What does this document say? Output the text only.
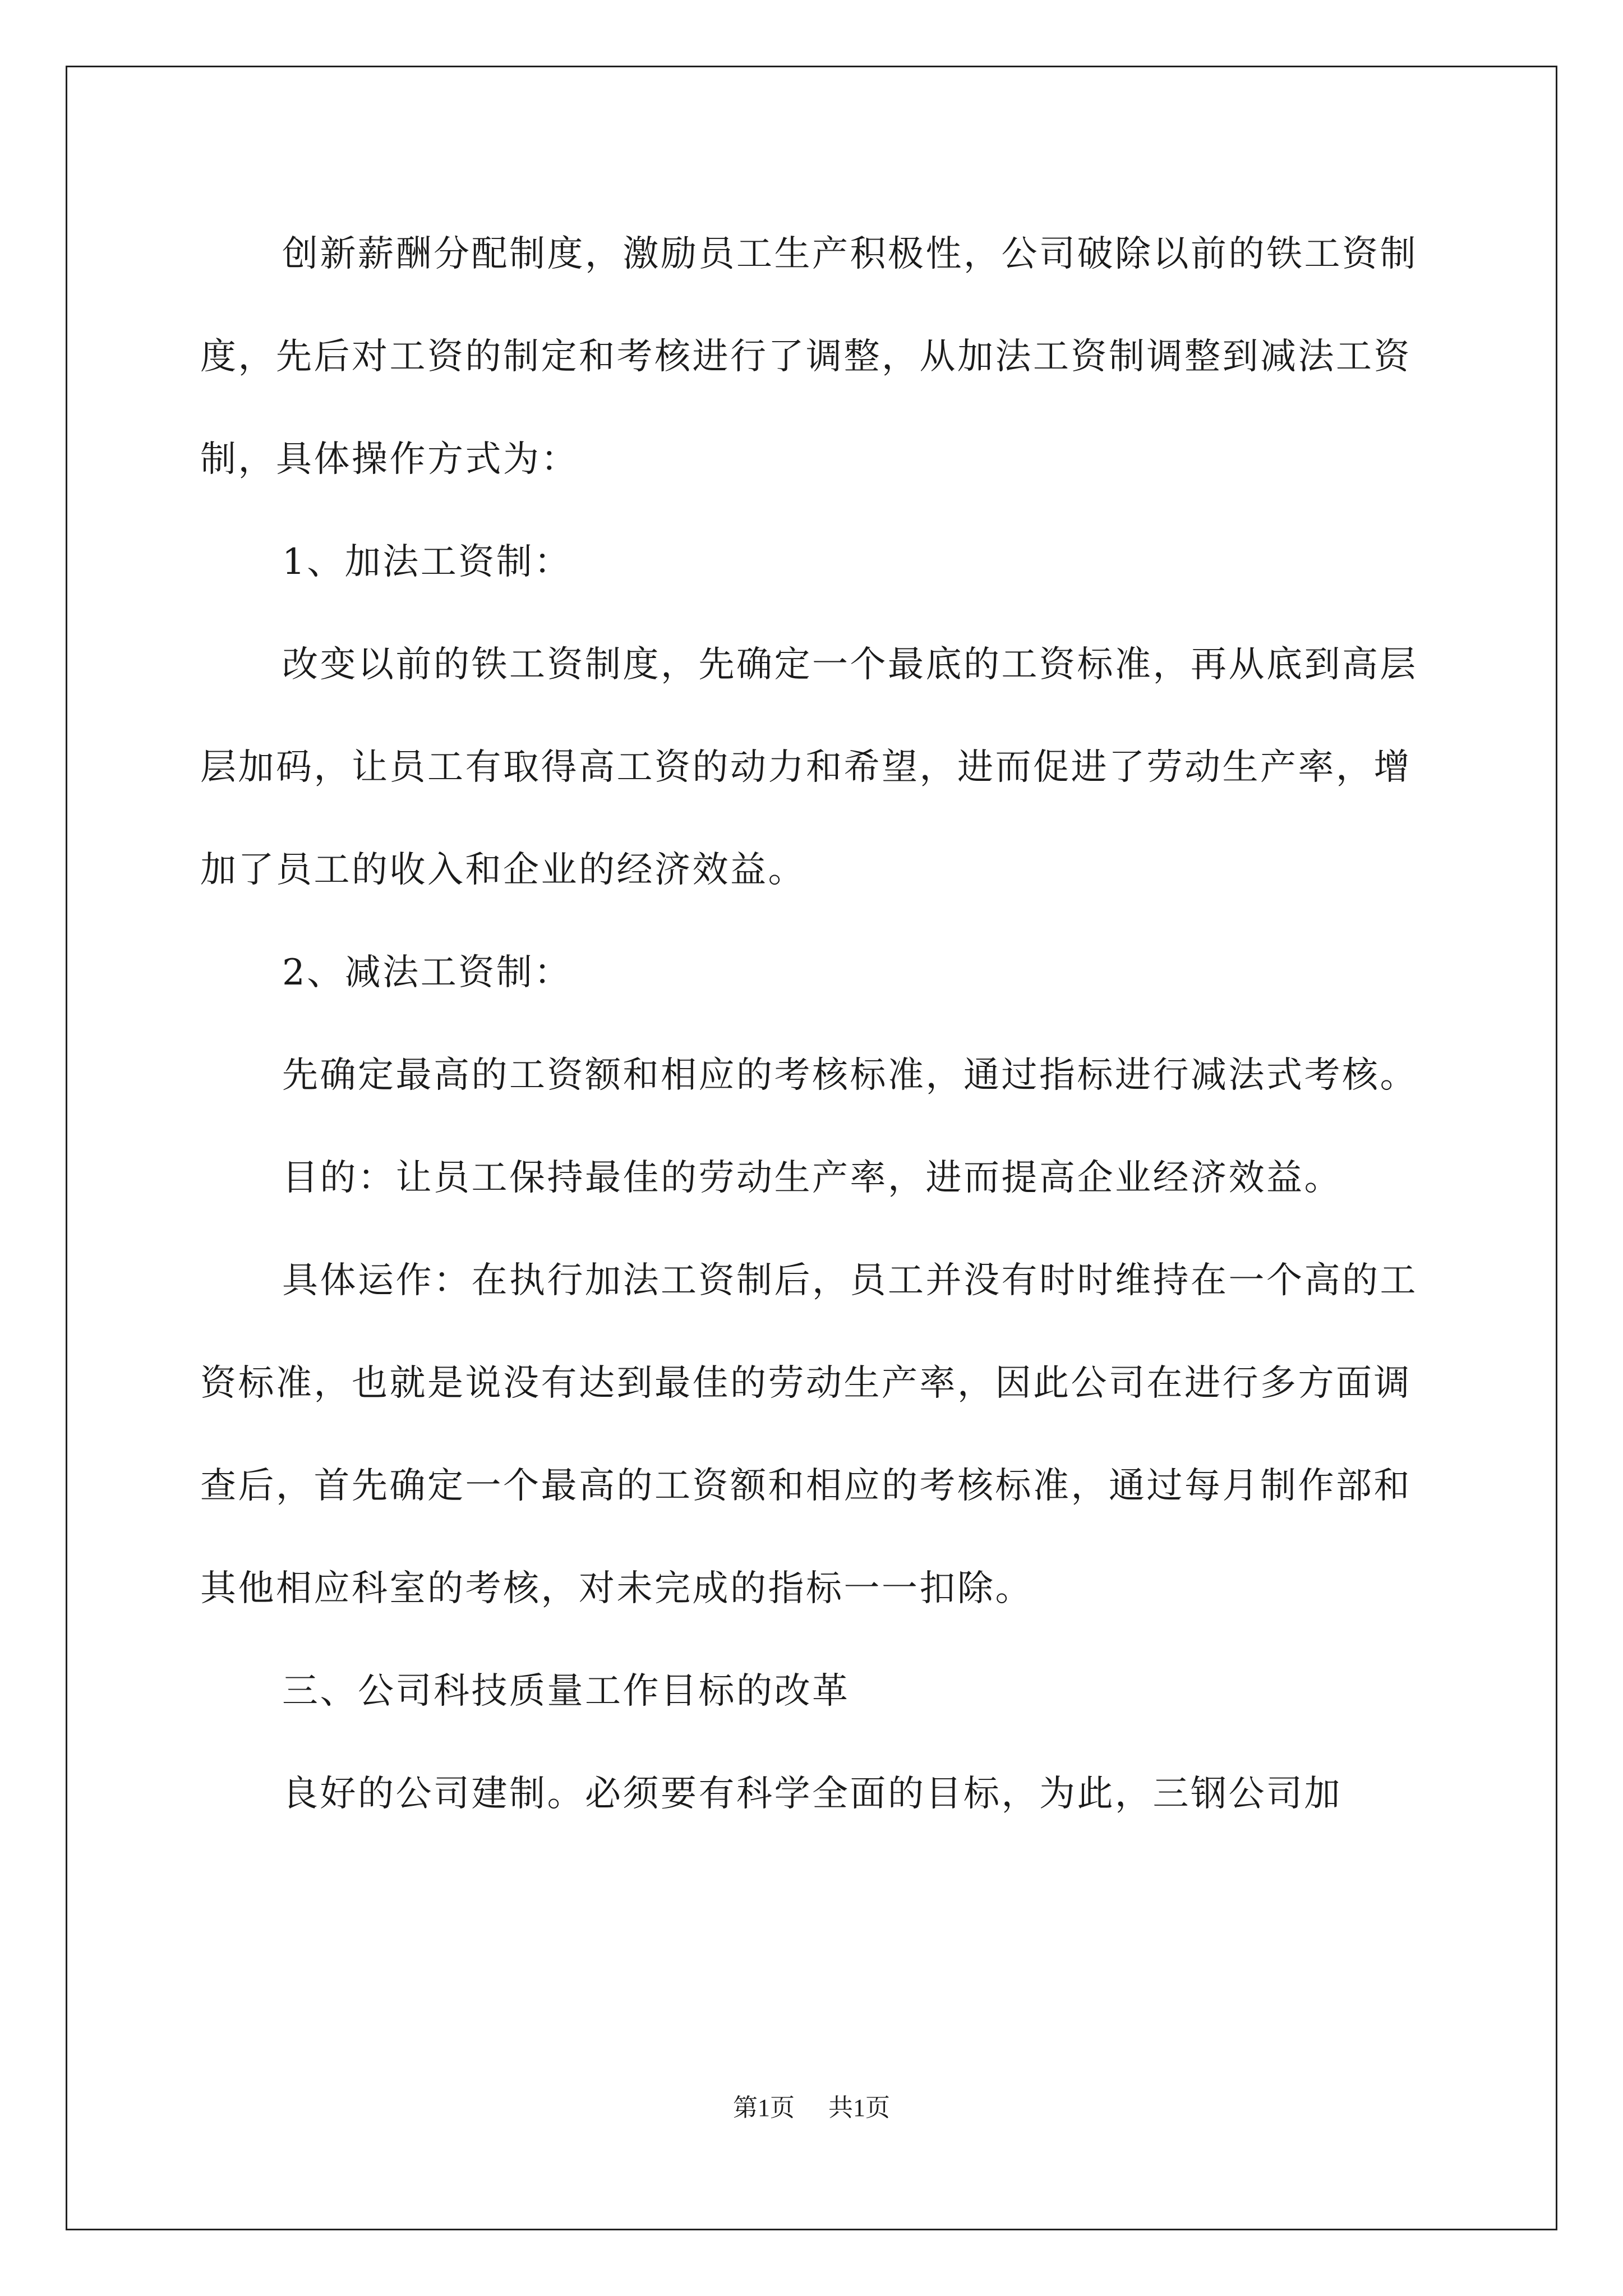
创新薪酬分配制度，激励员工生产积极性，公司破除以前的铁工资制度，先后对工资的制定和考核进行了调整，从加法工资制调整到减法工资制，具体操作方式为：

1、加法工资制：

改变以前的铁工资制度，先确定一个最底的工资标准，再从底到高层层加码，让员工有取得高工资的动力和希望，进而促进了劳动生产率，增加了员工的收入和企业的经济效益。

2、减法工资制：

先确定最高的工资额和相应的考核标准，通过指标进行减法式考核。

目的：让员工保持最佳的劳动生产率，进而提高企业经济效益。

具体运作：在执行加法工资制后，员工并没有时时维持在一个高的工资标准，也就是说没有达到最佳的劳动生产率，因此公司在进行多方面调查后，首先确定一个最高的工资额和相应的考核标准，通过每月制作部和其他相应科室的考核，对未完成的指标一一扣除。

三、公司科技质量工作目标的改革

良好的公司建制。必须要有科学全面的目标，为此，三钢公司加

第1页 共1页
